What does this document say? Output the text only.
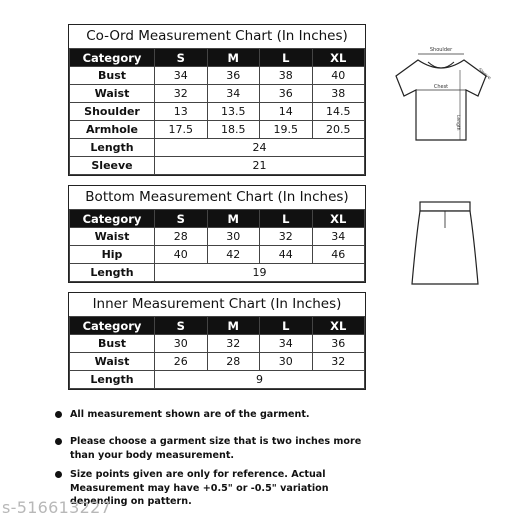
Co-Ord Measurement Chart (In Inches)
Category	S	M	L	XL
Bust	34	36	38	40
Waist	32	34	36	38
Shoulder	13	13.5	14	14.5
Armhole	17.5	18.5	19.5	20.5
Length	24			
Sleeve	21			
Bottom Measurement Chart (In Inches)
Category	S	M	L	XL
Waist	28	30	32	34
Hip	40	42	44	46
Length	19			
Inner Measurement Chart (In Inches)
Category	S	M	L	XL
Bust	30	32	34	36
Waist	26	28	30	32
Length	9			
Shoulder
Chest
Sleeve
Length
All measurement shown are of the garment.
Please choose a garment size that is two inches more than your body measurement.
Size points given are only for reference. Actual Measurement may have +0.5" or -0.5" variation depending on pattern.
s-516613227
